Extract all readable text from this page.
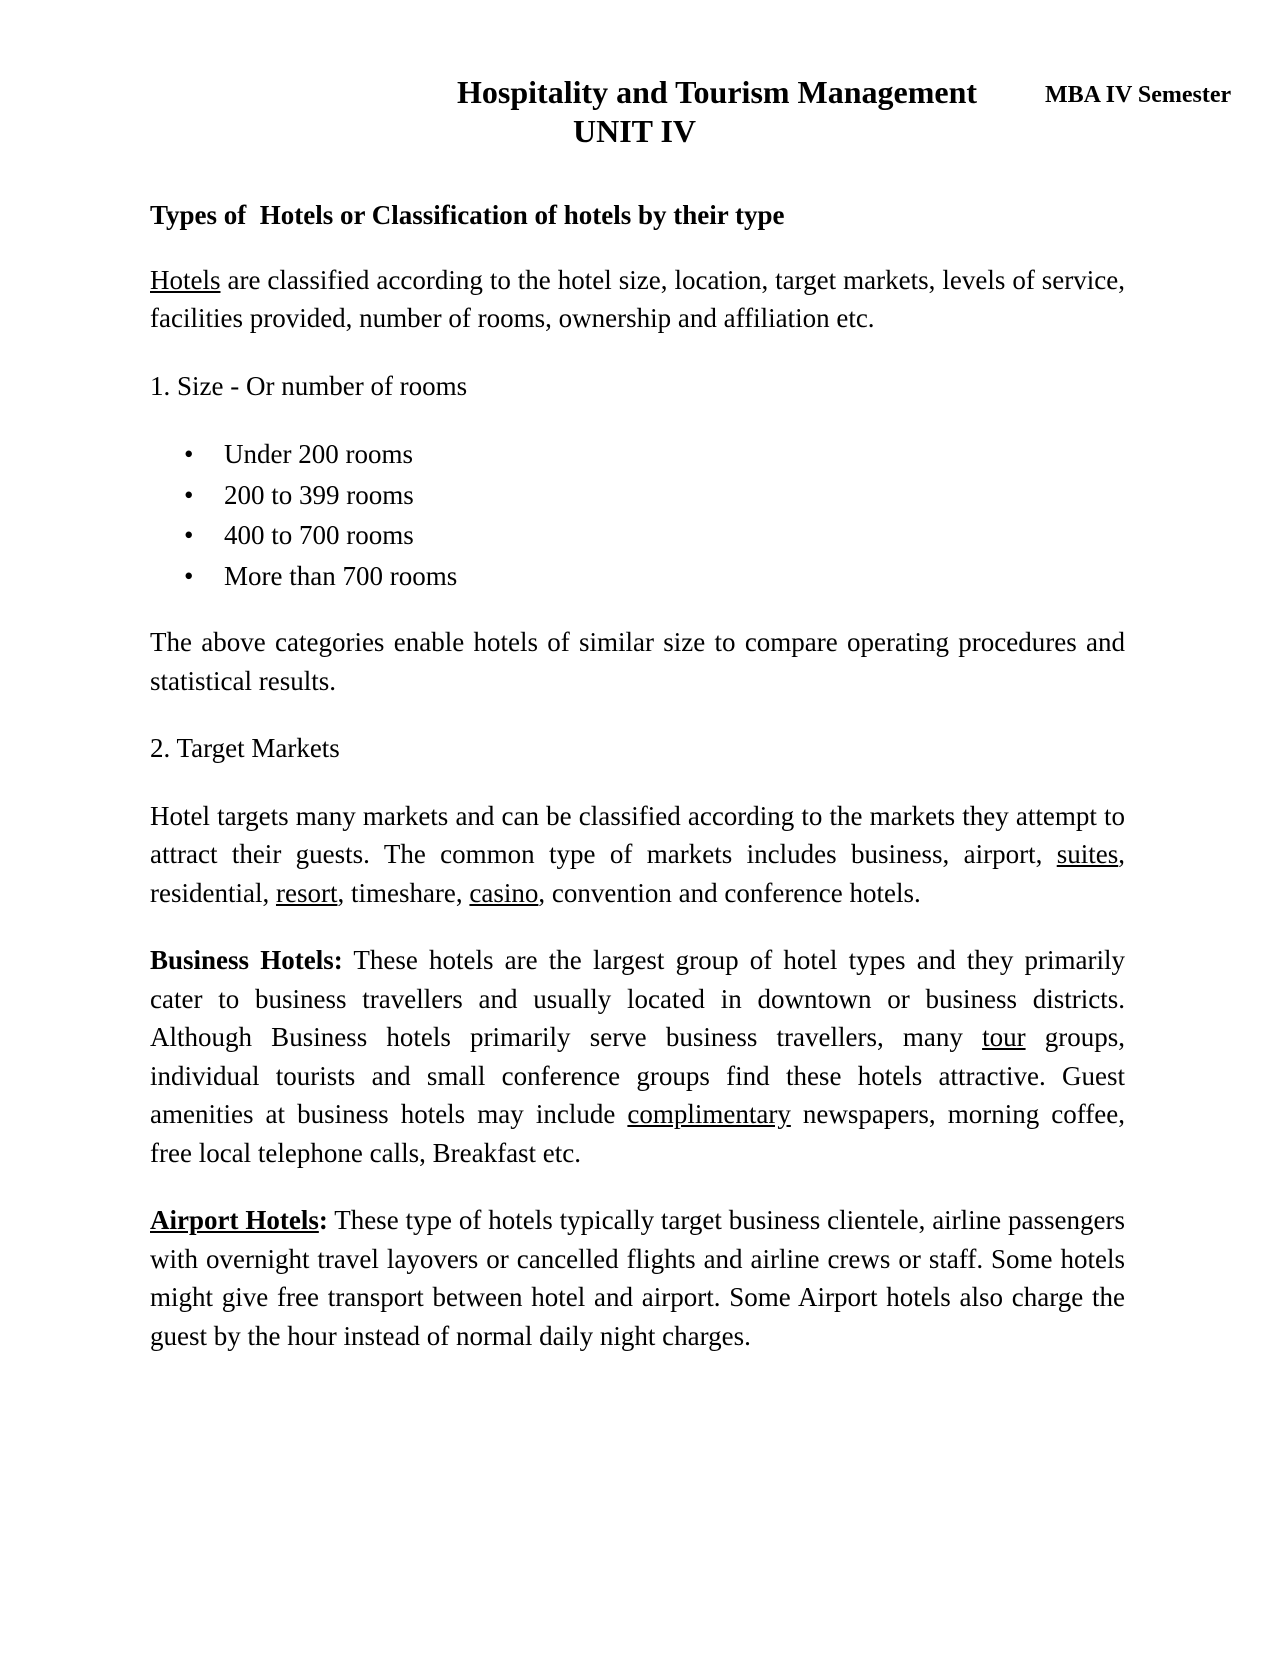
Hospitality and Tourism Management	MBA IV Semester
UNIT IV
Types of  Hotels or Classification of hotels by their type

Hotels are classified according to the hotel size, location, target markets, levels of service, facilities provided, number of rooms, ownership and affiliation etc.

1. Size - Or number of rooms

• Under 200 rooms
• 200 to 399 rooms
• 400 to 700 rooms
• More than 700 rooms

The above categories enable hotels of similar size to compare operating procedures and statistical results.

2. Target Markets

Hotel targets many markets and can be classified according to the markets they attempt to attract their guests. The common type of markets includes business, airport, suites, residential, resort, timeshare, casino, convention and conference hotels.

Business Hotels: These hotels are the largest group of hotel types and they primarily cater to business travellers and usually located in downtown or business districts. Although Business hotels primarily serve business travellers, many tour groups, individual tourists and small conference groups find these hotels attractive. Guest amenities at business hotels may include complimentary newspapers, morning coffee, free local telephone calls, Breakfast etc.

Airport Hotels: These type of hotels typically target business clientele, airline passengers with overnight travel layovers or cancelled flights and airline crews or staff. Some hotels might give free transport between hotel and airport. Some Airport hotels also charge the guest by the hour instead of normal daily night charges.
